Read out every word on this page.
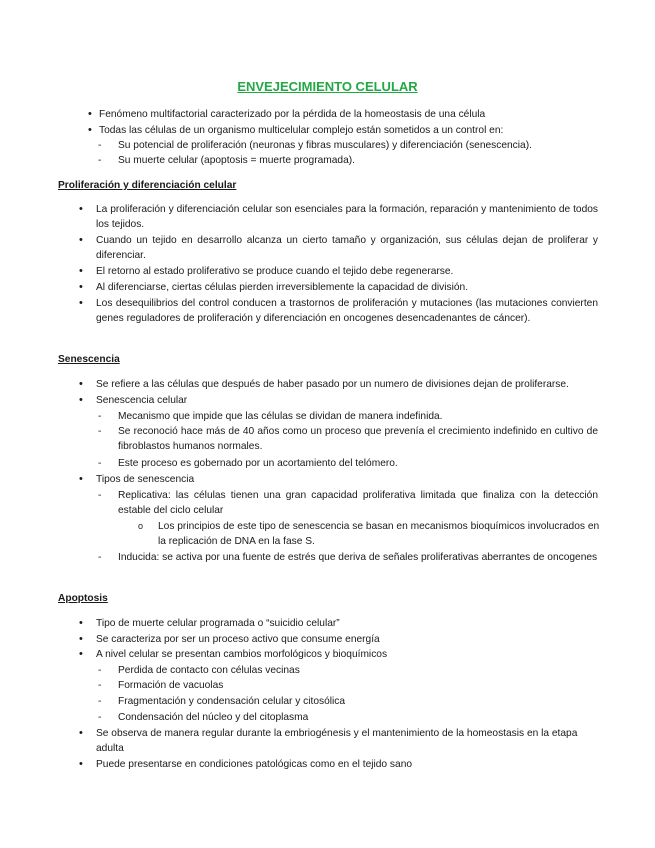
ENVEJECIMIENTO CELULAR
• Fenómeno multifactorial caracterizado por la pérdida de la homeostasis de una célula
• Todas las células de un organismo multicelular complejo están sometidos a un control en:
- Su potencial de proliferación (neuronas y fibras musculares) y diferenciación (senescencia).
- Su muerte celular (apoptosis = muerte programada).
Proliferación y diferenciación celular
• La proliferación y diferenciación celular son esenciales para la formación, reparación y mantenimiento de todos los tejidos.
• Cuando un tejido en desarrollo alcanza un cierto tamaño y organización, sus células dejan de proliferar y diferenciar.
• El retorno al estado proliferativo se produce cuando el tejido debe regenerarse.
• Al diferenciarse, ciertas células pierden irreversiblemente la capacidad de división.
• Los desequilibrios del control conducen a trastornos de proliferación y mutaciones (las mutaciones convierten genes reguladores de proliferación y diferenciación en oncogenes desencadenantes de cáncer).
Senescencia
• Se refiere a las células que después de haber pasado por un numero de divisiones dejan de proliferarse.
• Senescencia celular
- Mecanismo que impide que las células se dividan de manera indefinida.
- Se reconoció hace más de 40 años como un proceso que prevenía el crecimiento indefinido en cultivo de fibroblastos humanos normales.
- Este proceso es gobernado por un acortamiento del telómero.
• Tipos de senescencia
- Replicativa: las células tienen una gran capacidad proliferativa limitada que finaliza con la detección estable del ciclo celular
o Los principios de este tipo de senescencia se basan en mecanismos bioquímicos involucrados en la replicación de DNA en la fase S.
- Inducida: se activa por una fuente de estrés que deriva de señales proliferativas aberrantes de oncogenes
Apoptosis
• Tipo de muerte celular programada o “suicidio celular”
• Se caracteriza por ser un proceso activo que consume energía
• A nivel celular se presentan cambios morfológicos y bioquímicos
- Perdida de contacto con células vecinas
- Formación de vacuolas
- Fragmentación y condensación celular y citosólica
- Condensación del núcleo y del citoplasma
• Se observa de manera regular durante la embriogénesis y el mantenimiento de la homeostasis en la etapa adulta
• Puede presentarse en condiciones patológicas como en el tejido sano
